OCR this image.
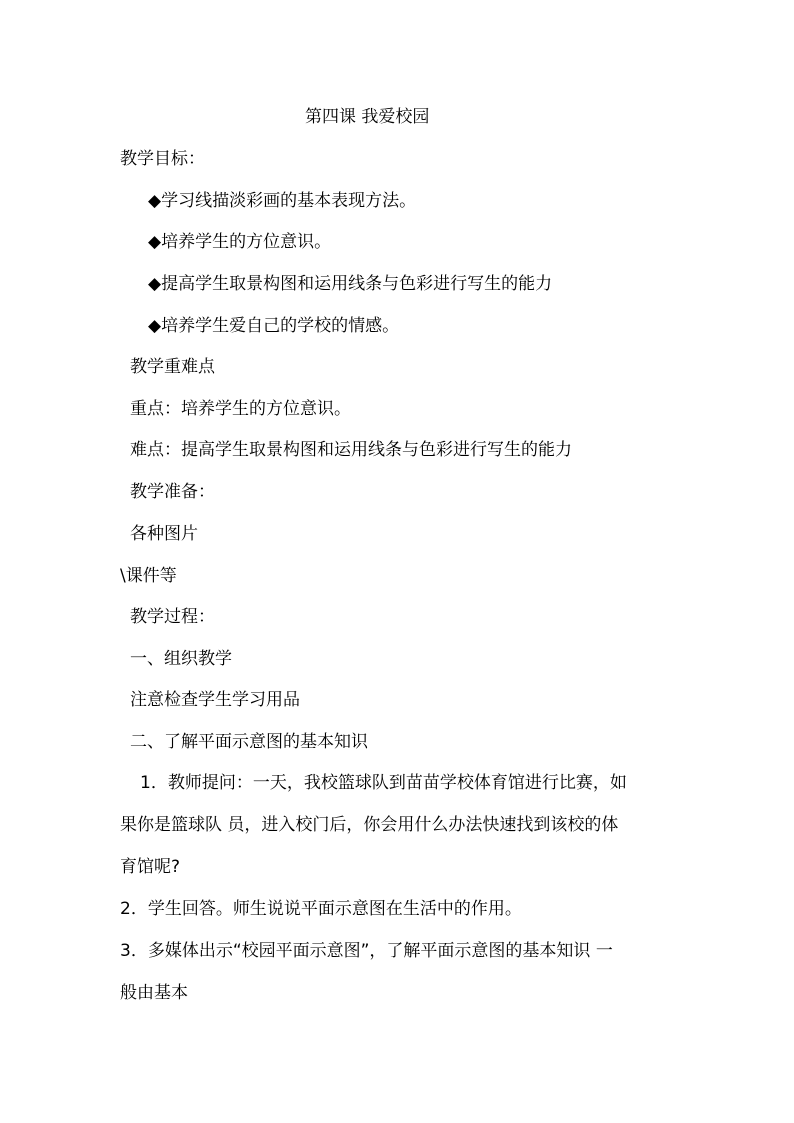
第四课 我爱校园
教学目标：
◆学习线描淡彩画的基本表现方法。
◆培养学生的方位意识。
◆提高学生取景构图和运用线条与色彩进行写生的能力
◆培养学生爱自己的学校的情感。
教学重难点
重点：培养学生的方位意识。
难点：提高学生取景构图和运用线条与色彩进行写生的能力
教学准备：
各种图片
\课件等
教学过程：
一、组织教学
注意检查学生学习用品
二、了解平面示意图的基本知识
1．教师提问：一天，我校篮球队到苗苗学校体育馆进行比赛，如
果你是篮球队 员，进入校门后，你会用什么办法快速找到该校的体
育馆呢?
2．学生回答。师生说说平面示意图在生活中的作用。
3．多媒体出示“校园平面示意图”，了解平面示意图的基本知识 一
般由基本
